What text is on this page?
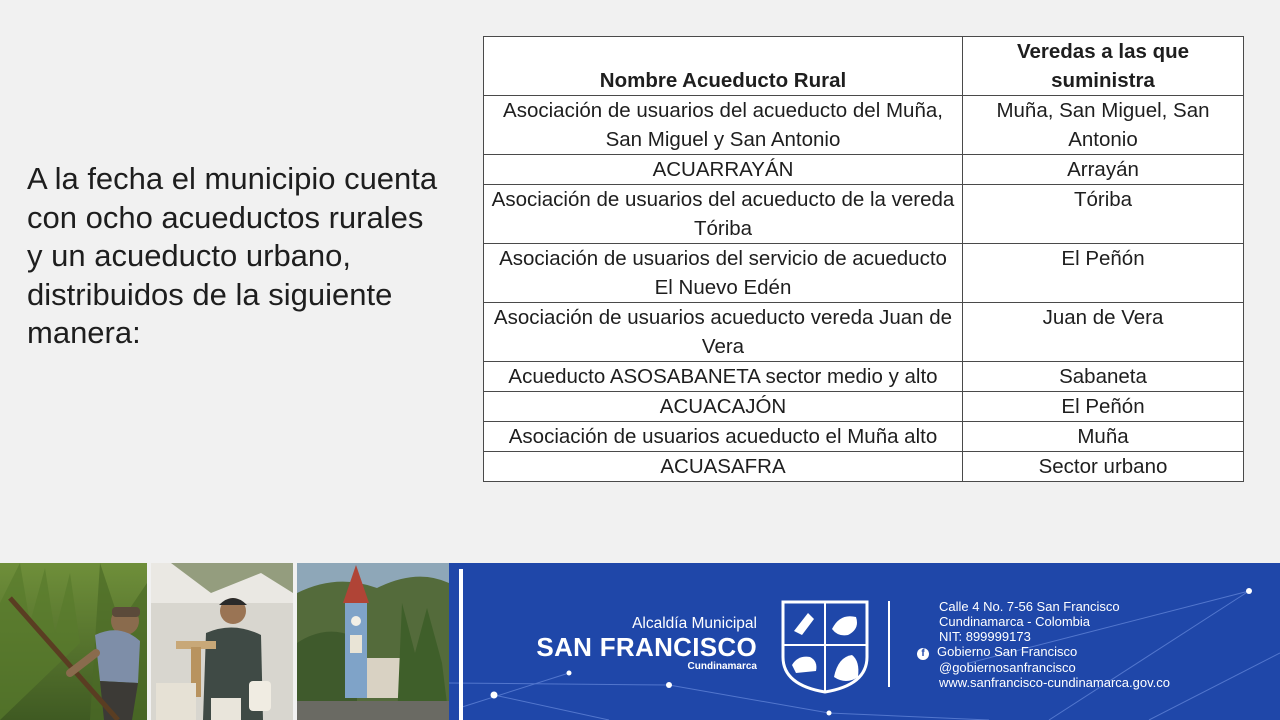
A la fecha el municipio cuenta
con ocho acueductos rurales
y un acueducto urbano,
distribuidos de la siguiente
manera:
Nombre Acueducto Rural	Veredas a las que suministra
Asociación de usuarios del acueducto del Muña, San Miguel y San Antonio	Muña, San Miguel, San Antonio
ACUARRAYÁN	Arrayán
Asociación de usuarios del acueducto de la vereda Tóriba	Tóriba
Asociación de usuarios del servicio de acueducto El Nuevo Edén	El Peñón
Asociación de usuarios acueducto vereda Juan de Vera	Juan de Vera
Acueducto ASOSABANETA sector medio y alto	Sabaneta
ACUACAJÓN	El Peñón
Asociación de usuarios acueducto el Muña alto	Muña
ACUASAFRA	Sector urbano
Alcaldía Municipal
SAN FRANCISCO
Cundinamarca
Calle 4 No. 7-56 San Francisco
Cundinamarca - Colombia
NIT: 899999173
f Gobierno San Francisco
@gobiernosanfrancisco
www.sanfrancisco-cundinamarca.gov.co
